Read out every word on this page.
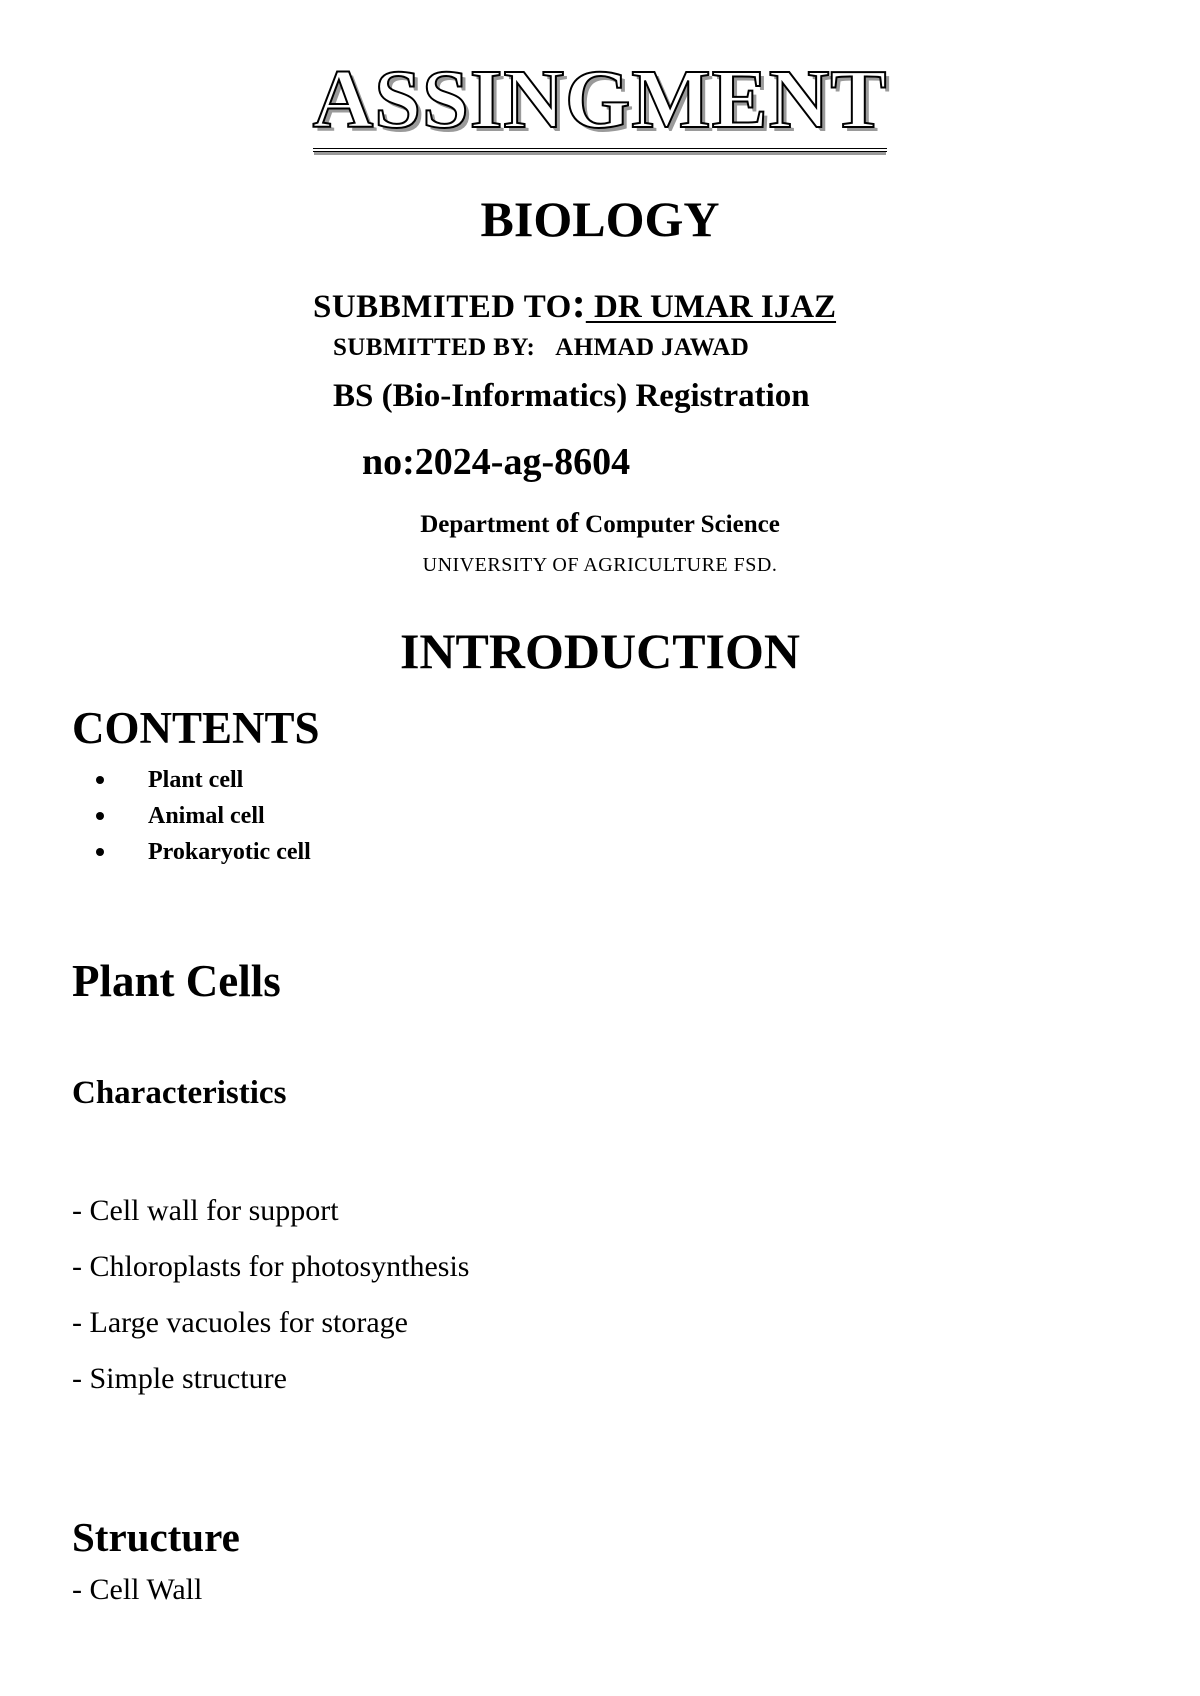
ASSINGMENT
BIOLOGY
SUBBMITED TO: DR UMAR IJAZ
SUBMITTED BY: AHMAD JAWAD
BS (Bio-Informatics) Registration
no:2024-ag-8604
Department of Computer Science
UNIVERSITY OF AGRICULTURE FSD.
INTRODUCTION
CONTENTS
Plant cell
Animal cell
Prokaryotic cell
Plant Cells
Characteristics
- Cell wall for support
- Chloroplasts for photosynthesis
- Large vacuoles for storage
- Simple structure
Structure
- Cell Wall
